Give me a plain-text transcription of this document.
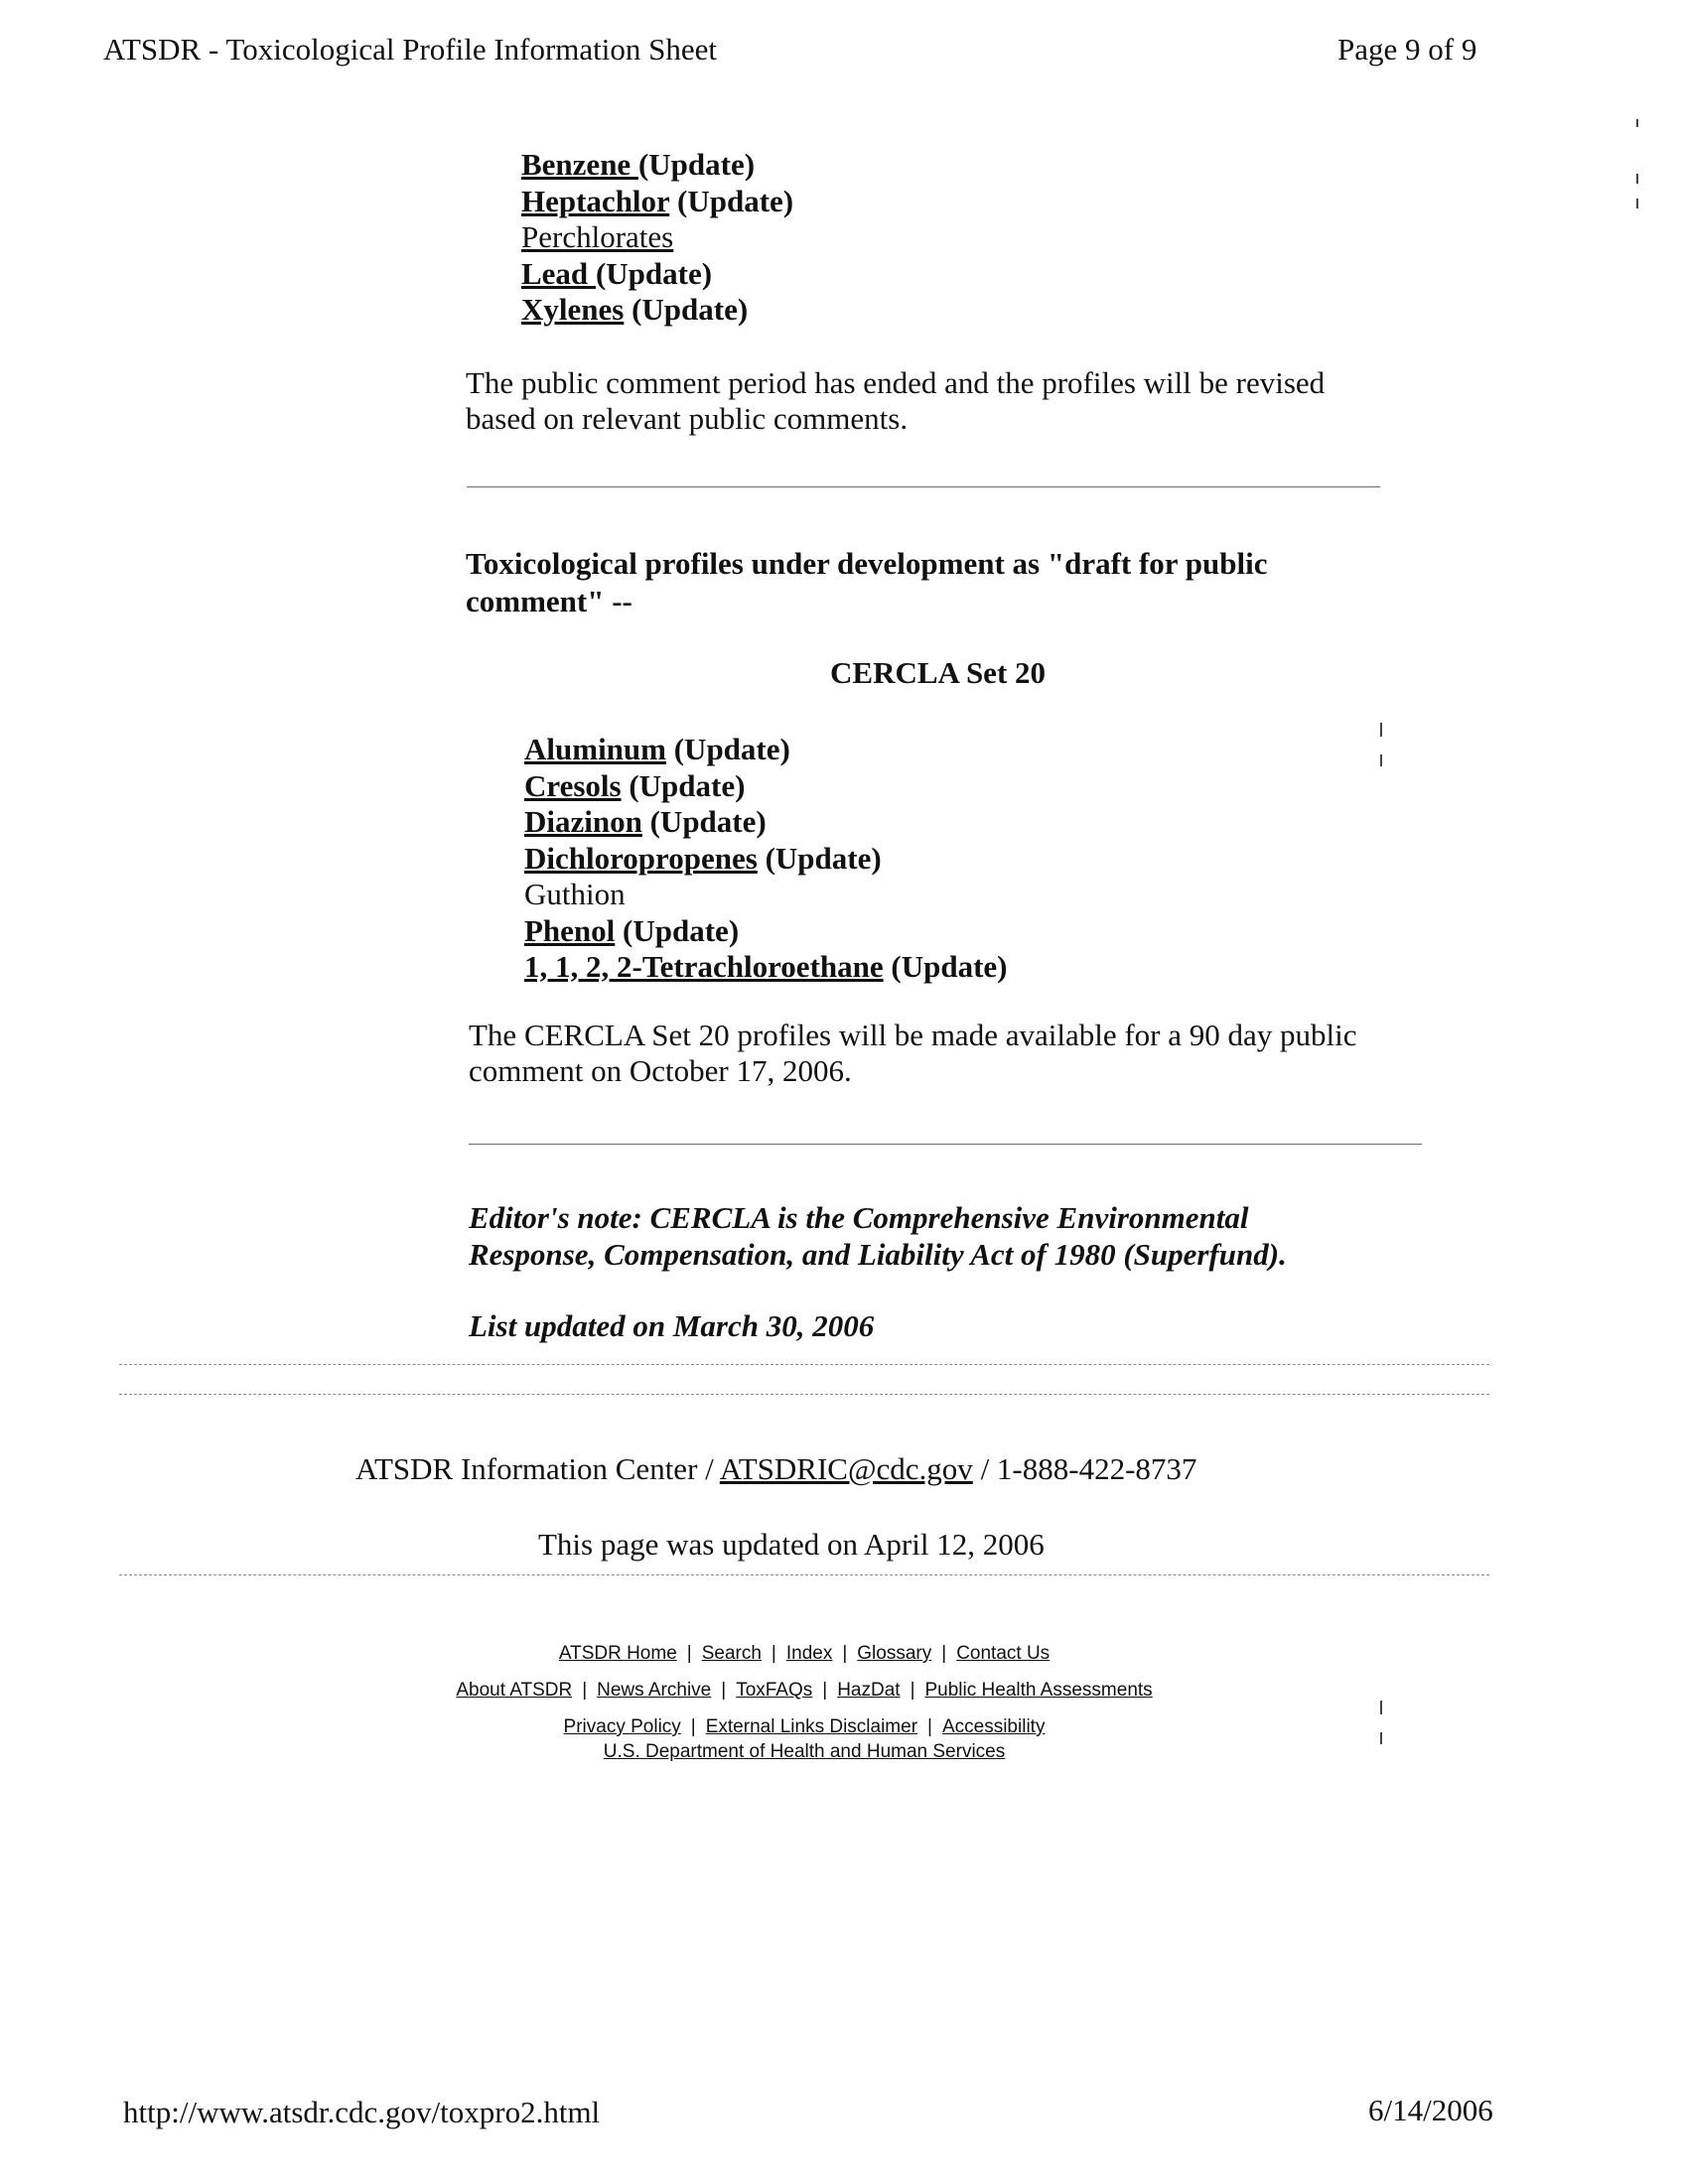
ATSDR - Toxicological Profile Information Sheet	Page 9 of 9
Benzene (Update)
Heptachlor (Update)
Perchlorates
Lead (Update)
Xylenes (Update)
The public comment period has ended and the profiles will be revised
based on relevant public comments.
Toxicological profiles under development as "draft for public
comment" --
CERCLA Set 20
Aluminum (Update)
Cresols (Update)
Diazinon (Update)
Dichloropropenes (Update)
Guthion
Phenol (Update)
1, 1, 2, 2-Tetrachloroethane (Update)
The CERCLA Set 20 profiles will be made available for a 90 day public
comment on October 17, 2006.
Editor's note: CERCLA is the Comprehensive Environmental
Response, Compensation, and Liability Act of 1980 (Superfund).
List updated on March 30, 2006
ATSDR Information Center / ATSDRIC@cdc.gov / 1-888-422-8737
This page was updated on April 12, 2006
ATSDR Home | Search | Index | Glossary | Contact Us
About ATSDR | News Archive | ToxFAQs | HazDat | Public Health Assessments
Privacy Policy | External Links Disclaimer | Accessibility
U.S. Department of Health and Human Services
http://www.atsdr.cdc.gov/toxpro2.html	6/14/2006
